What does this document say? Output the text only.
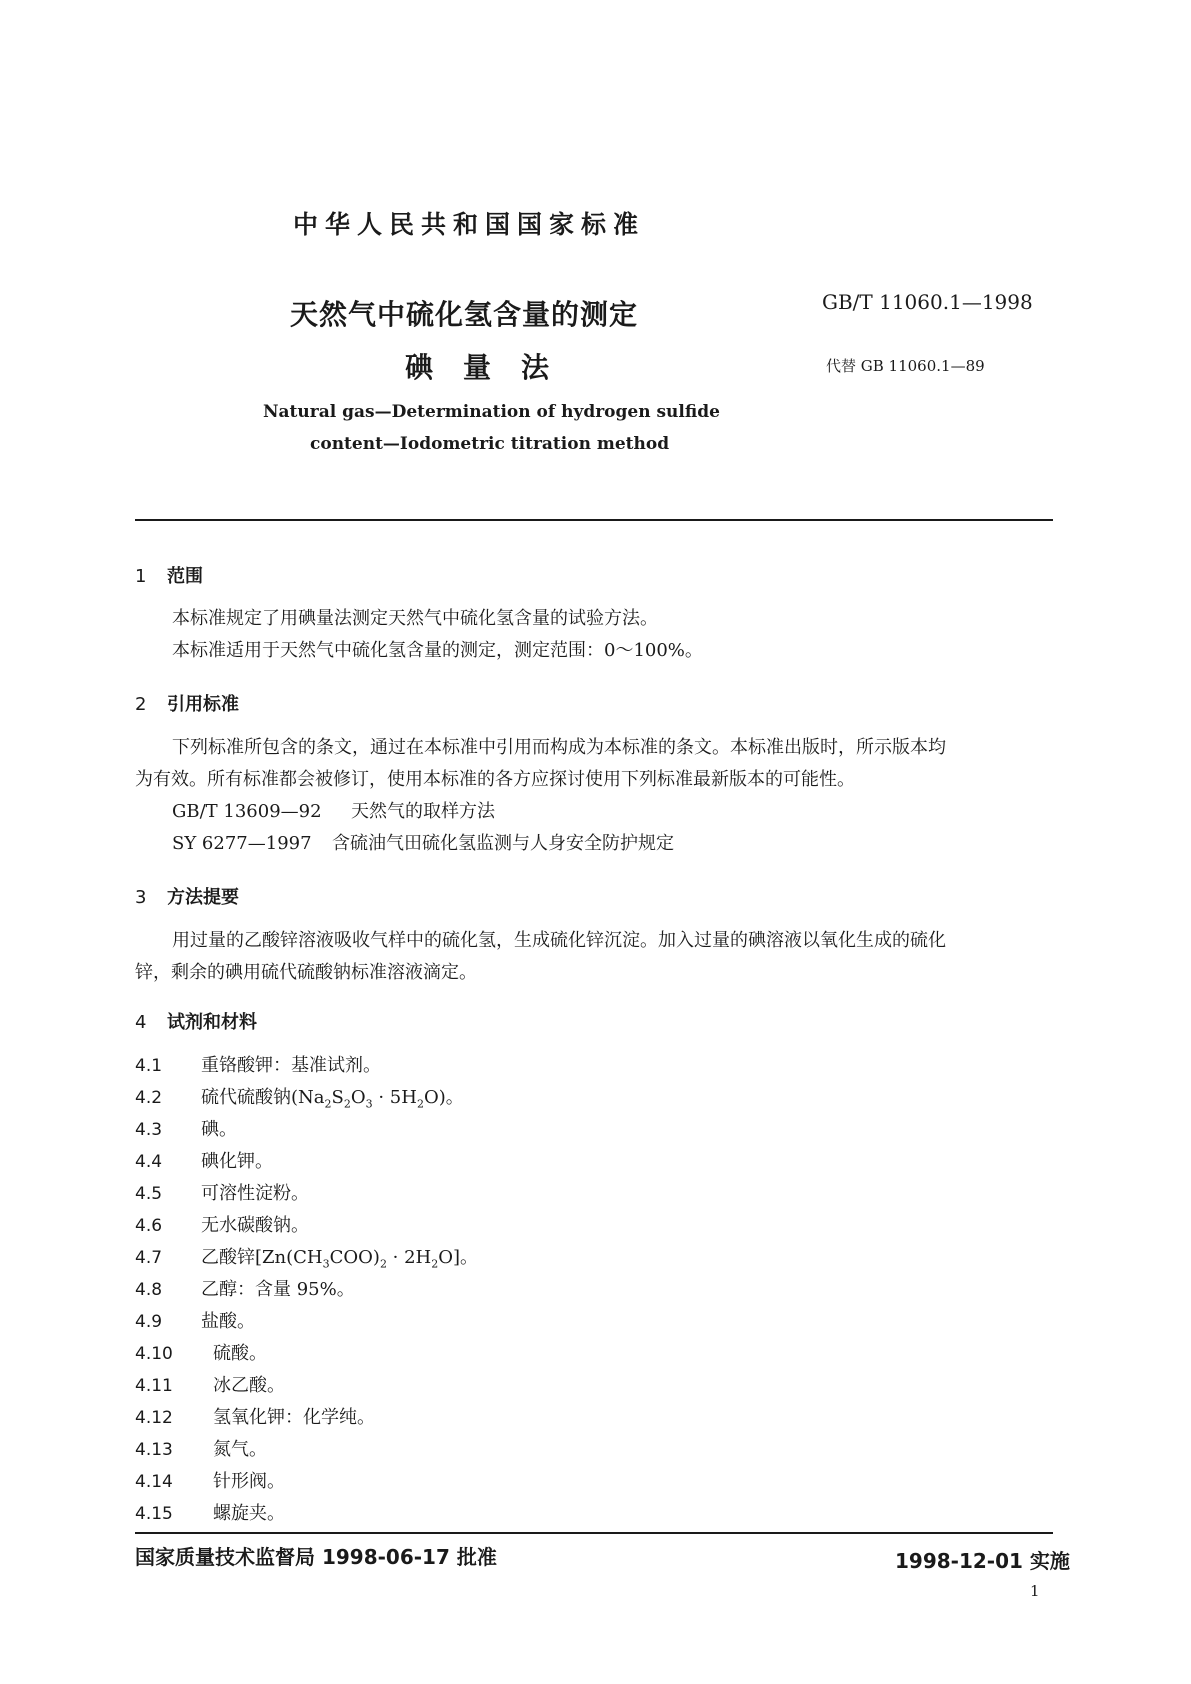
中华人民共和国国家标准
天然气中硫化氢含量的测定
碘量法
GB/T 11060.1—1998
代替 GB 11060.1—89
Natural gas—Determination of hydrogen sulfide
content—Iodometric titration method
1 范围
本标准规定了用碘量法测定天然气中硫化氢含量的试验方法。
本标准适用于天然气中硫化氢含量的测定，测定范围：0～100%。
2 引用标准
下列标准所包含的条文，通过在本标准中引用而构成为本标准的条文。本标准出版时，所示版本均
为有效。所有标准都会被修订，使用本标准的各方应探讨使用下列标准最新版本的可能性。
GB/T 13609—92 天然气的取样方法
SY 6277—1997 含硫油气田硫化氢监测与人身安全防护规定
3 方法提要
用过量的乙酸锌溶液吸收气样中的硫化氢，生成硫化锌沉淀。加入过量的碘溶液以氧化生成的硫化
锌，剩余的碘用硫代硫酸钠标准溶液滴定。
4 试剂和材料
4.1 重铬酸钾：基准试剂。
4.2 硫代硫酸钠$(Na_2S_2O_3 \cdot 5H_2O)$。
4.3 碘。
4.4 碘化钾。
4.5 可溶性淀粉。
4.6 无水碳酸钠。
4.7 乙酸锌$[Zn(CH_3COO)_2 \cdot 2H_2O]$。
4.8 乙醇：含量 95%。
4.9 盐酸。
4.10 硫酸。
4.11 冰乙酸。
4.12 氢氧化钾：化学纯。
4.13 氮气。
4.14 针形阀。
4.15 螺旋夹。
国家质量技术监督局 1998-06-17 批准	1998-12-01 实施
1
